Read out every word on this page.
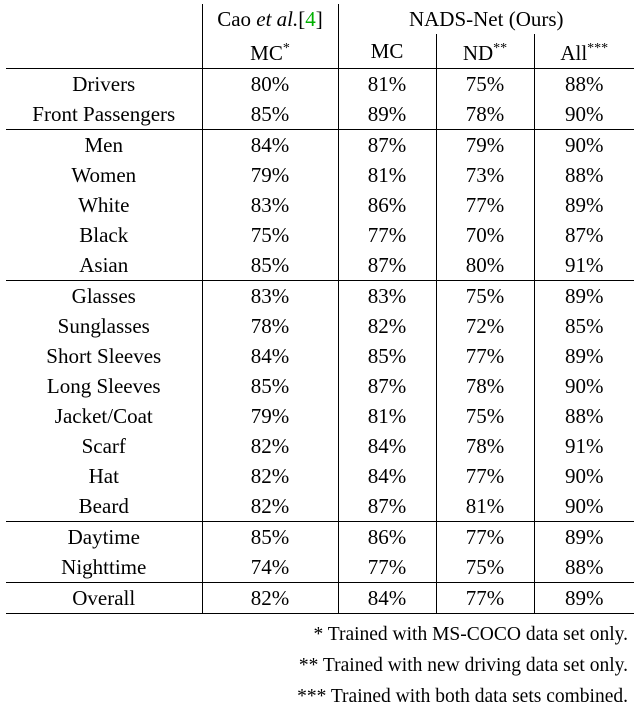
	Cao et al.[4]	NADS-Net (Ours)		
	MC*	MC	ND**	All***
Drivers	80%	81%	75%	88%
Front Passengers	85%	89%	78%	90%
Men	84%	87%	79%	90%
Women	79%	81%	73%	88%
White	83%	86%	77%	89%
Black	75%	77%	70%	87%
Asian	85%	87%	80%	91%
Glasses	83%	83%	75%	89%
Sunglasses	78%	82%	72%	85%
Short Sleeves	84%	85%	77%	89%
Long Sleeves	85%	87%	78%	90%
Jacket/Coat	79%	81%	75%	88%
Scarf	82%	84%	78%	91%
Hat	82%	84%	77%	90%
Beard	82%	87%	81%	90%
Daytime	85%	86%	77%	89%
Nighttime	74%	77%	75%	88%
Overall	82%	84%	77%	89%
* Trained with MS-COCO data set only.
** Trained with new driving data set only.
*** Trained with both data sets combined.
